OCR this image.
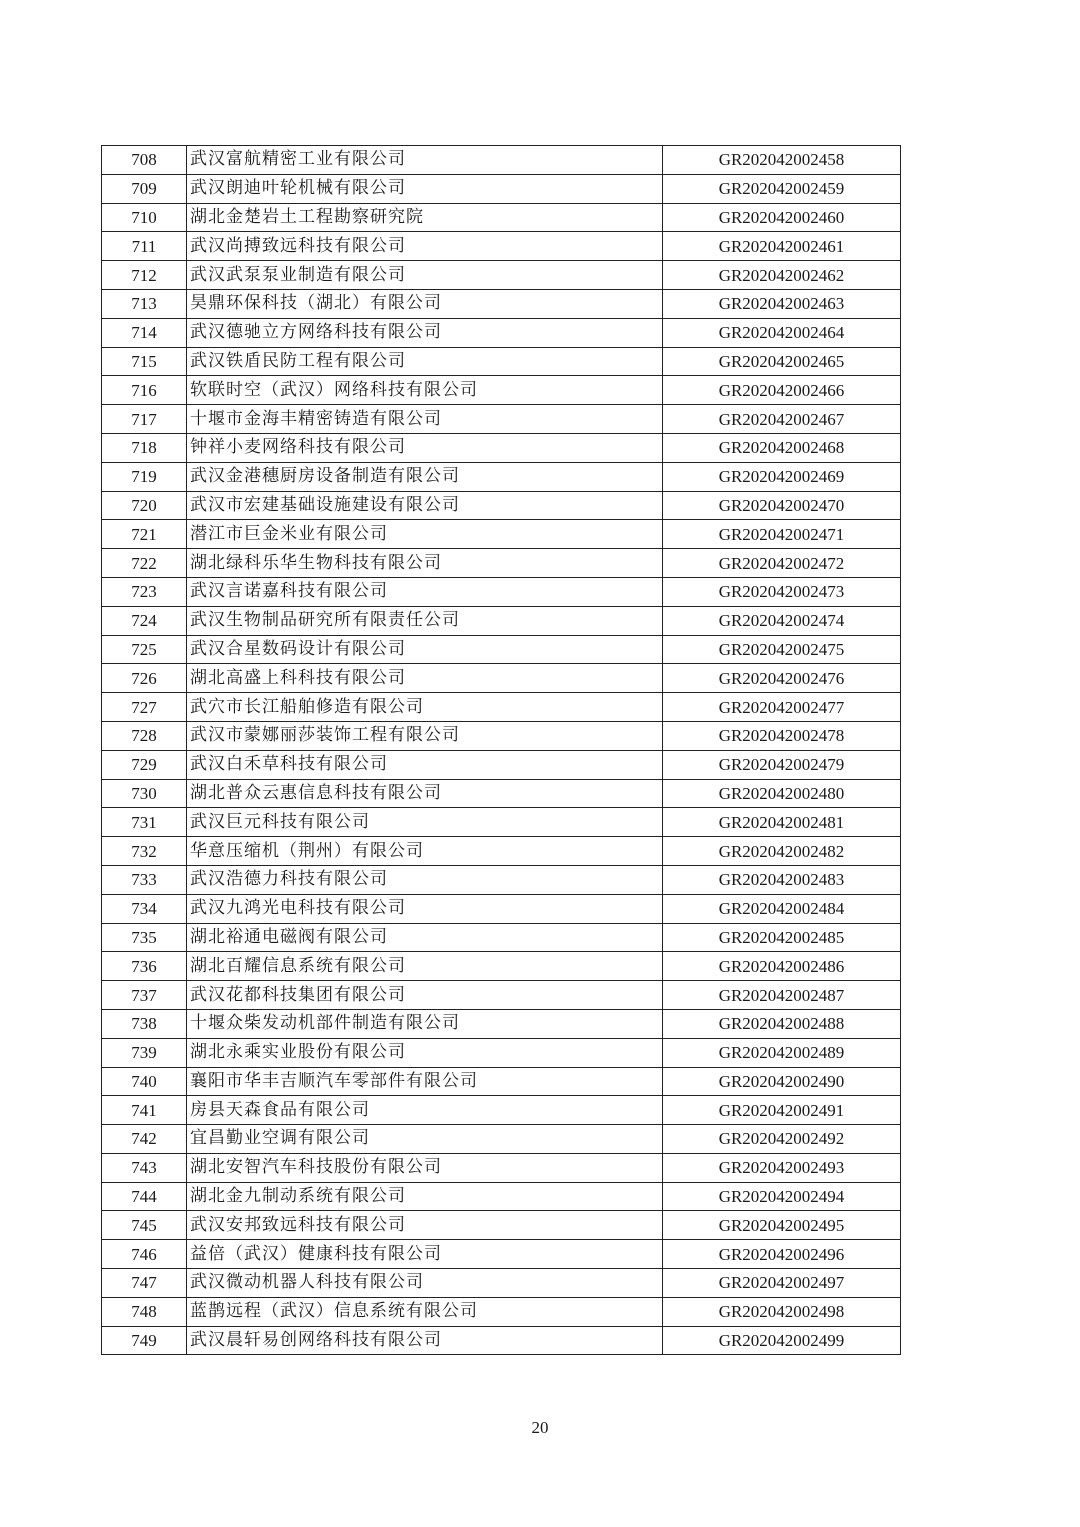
708	武汉富航精密工业有限公司	GR202042002458
709	武汉朗迪叶轮机械有限公司	GR202042002459
710	湖北金楚岩土工程勘察研究院	GR202042002460
711	武汉尚搏致远科技有限公司	GR202042002461
712	武汉武泵泵业制造有限公司	GR202042002462
713	昊鼎环保科技（湖北）有限公司	GR202042002463
714	武汉德驰立方网络科技有限公司	GR202042002464
715	武汉铁盾民防工程有限公司	GR202042002465
716	软联时空（武汉）网络科技有限公司	GR202042002466
717	十堰市金海丰精密铸造有限公司	GR202042002467
718	钟祥小麦网络科技有限公司	GR202042002468
719	武汉金港穗厨房设备制造有限公司	GR202042002469
720	武汉市宏建基础设施建设有限公司	GR202042002470
721	潜江市巨金米业有限公司	GR202042002471
722	湖北绿科乐华生物科技有限公司	GR202042002472
723	武汉言诺嘉科技有限公司	GR202042002473
724	武汉生物制品研究所有限责任公司	GR202042002474
725	武汉合星数码设计有限公司	GR202042002475
726	湖北高盛上科科技有限公司	GR202042002476
727	武穴市长江船舶修造有限公司	GR202042002477
728	武汉市蒙娜丽莎装饰工程有限公司	GR202042002478
729	武汉白禾草科技有限公司	GR202042002479
730	湖北普众云惠信息科技有限公司	GR202042002480
731	武汉巨元科技有限公司	GR202042002481
732	华意压缩机（荆州）有限公司	GR202042002482
733	武汉浩德力科技有限公司	GR202042002483
734	武汉九鸿光电科技有限公司	GR202042002484
735	湖北裕通电磁阀有限公司	GR202042002485
736	湖北百耀信息系统有限公司	GR202042002486
737	武汉花都科技集团有限公司	GR202042002487
738	十堰众柴发动机部件制造有限公司	GR202042002488
739	湖北永乘实业股份有限公司	GR202042002489
740	襄阳市华丰吉顺汽车零部件有限公司	GR202042002490
741	房县天森食品有限公司	GR202042002491
742	宜昌勤业空调有限公司	GR202042002492
743	湖北安智汽车科技股份有限公司	GR202042002493
744	湖北金九制动系统有限公司	GR202042002494
745	武汉安邦致远科技有限公司	GR202042002495
746	益倍（武汉）健康科技有限公司	GR202042002496
747	武汉微动机器人科技有限公司	GR202042002497
748	蓝鹊远程（武汉）信息系统有限公司	GR202042002498
749	武汉晨轩易创网络科技有限公司	GR202042002499
20
